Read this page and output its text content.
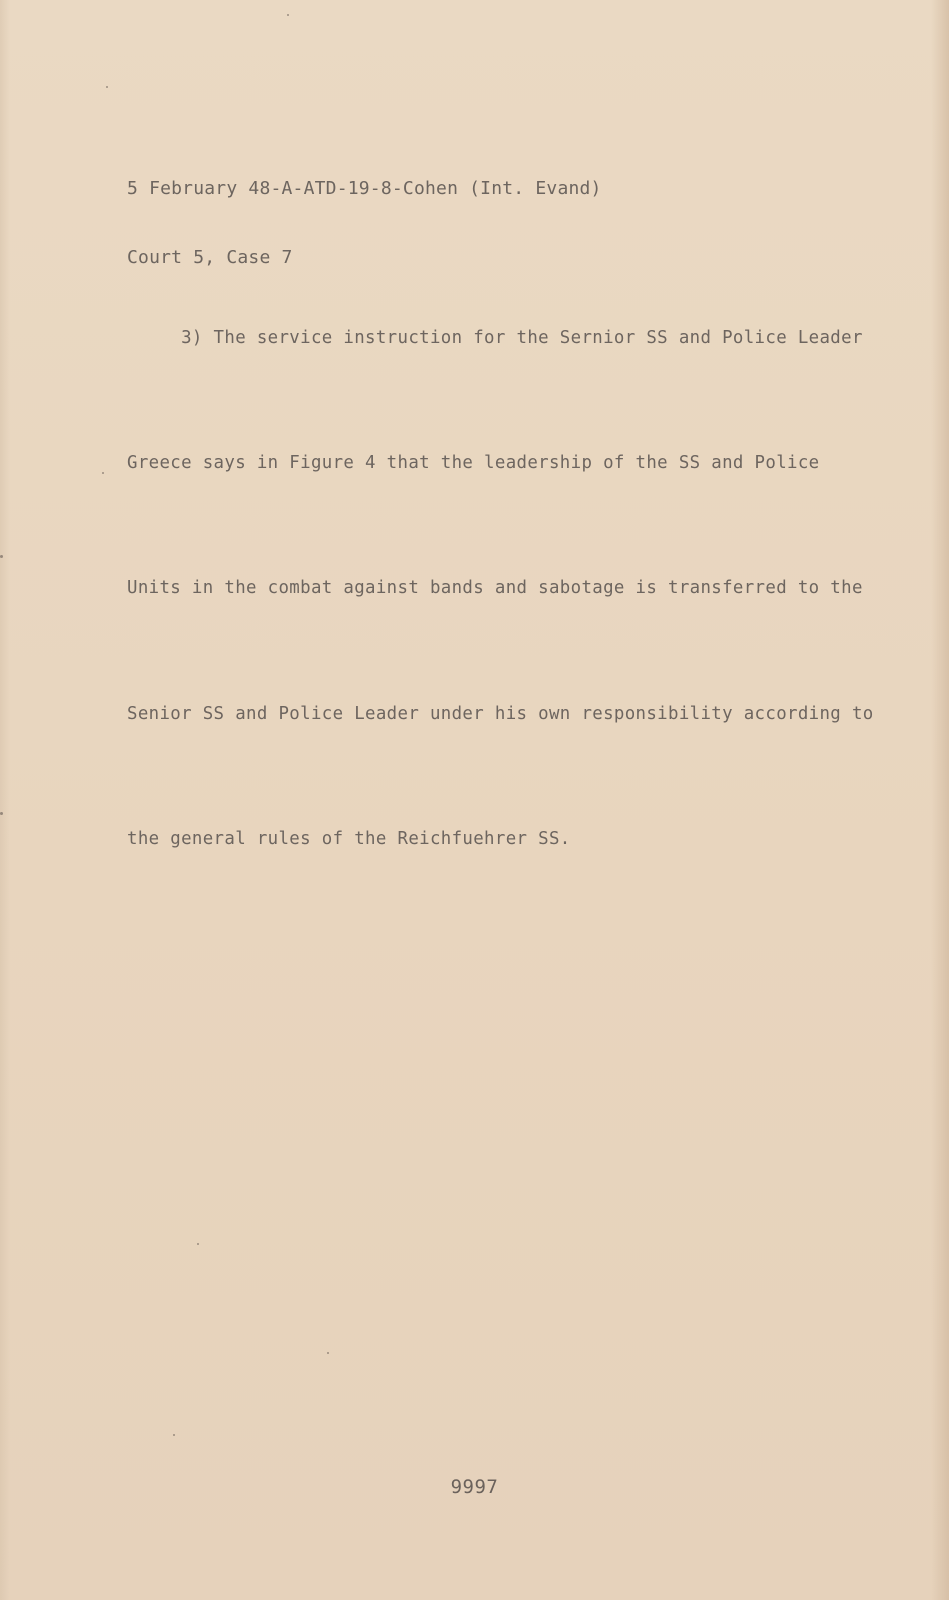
5 February 48-A-ATD-19-8-Cohen (Int. Evand)

Court 5, Case 7

3) The service instruction for the Sernior SS and Police Leader

Greece says in Figure 4 that the leadership of the SS and Police

Units in the combat against bands and sabotage is transferred to the

Senior SS and Police Leader under his own responsibility according to

the general rules of the Reichfuehrer SS.

9997
